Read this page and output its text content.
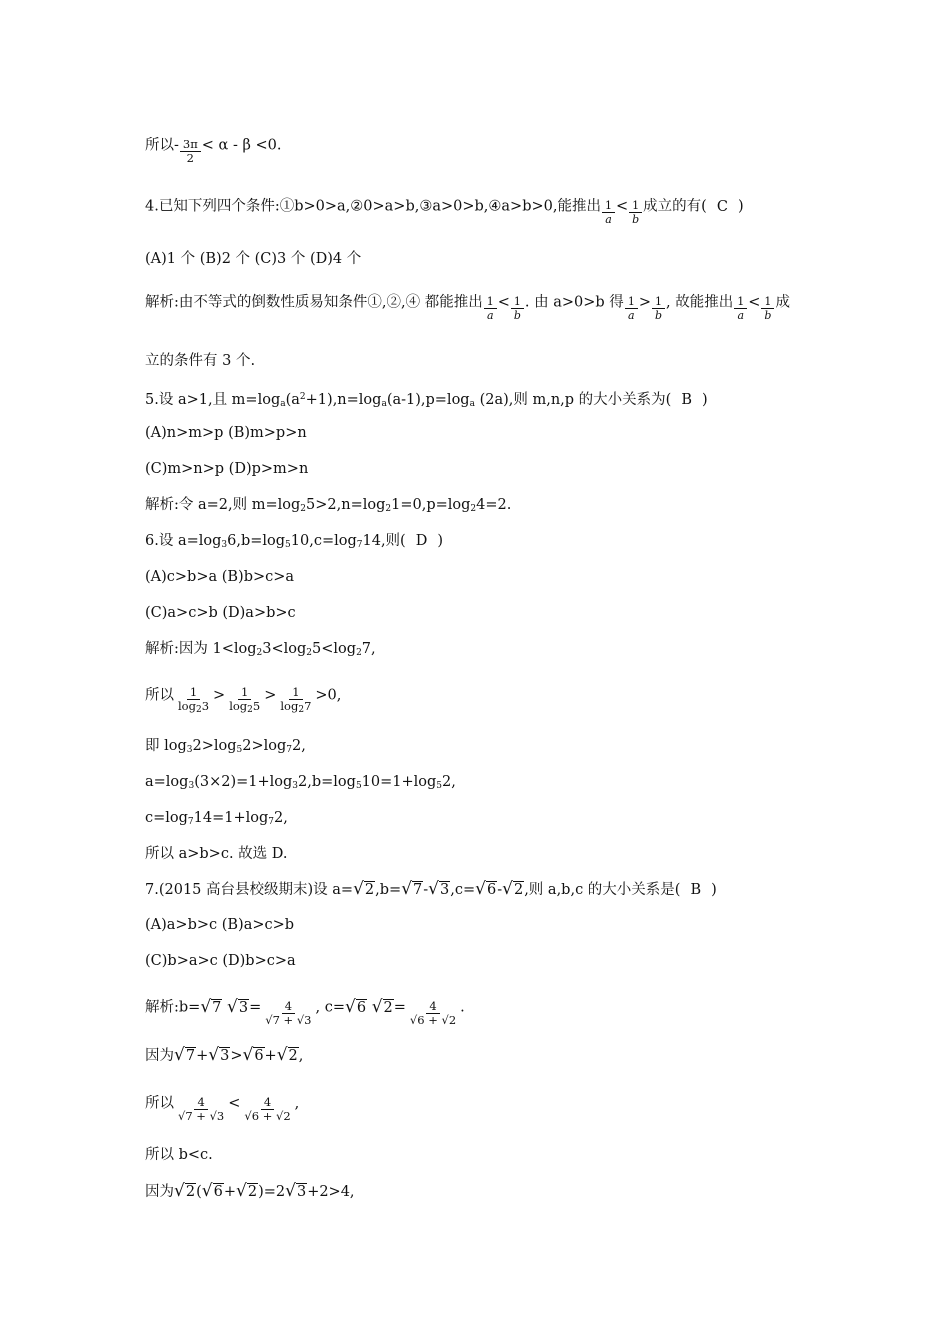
所以- $\frac{3\pi}{2} < \alpha - \beta <0$.
4.已知下列四个条件:①b>0>a,②0>a>b,③a>0>b,④a>b>0,能推出 $\frac{1}{a} < \frac{1}{b}$ 成立的有( C )
(A)1 个 (B)2 个 (C)3 个 (D)4 个
解析:由不等式的倒数性质易知条件①,②,④ 都能推出 $\frac{1}{a} < \frac{1}{b}$ . 由 a>0>b 得 $\frac{1}{a} > \frac{1}{b}$ , 故能推出 $\frac{1}{a} < \frac{1}{b}$ 成
立的条件有 3 个.
5.设 a>1,且 $m=\log_a(a^2+1),n=\log_a(a-1),p=\log_a$ (2a),则 m,n,p 的大小关系为( B )
(A)n>m>p (B)m>p>n
(C)m>n>p (D)p>m>n
解析:令 a=2,则 $m=\log_25>2,n=\log_21=0,p=\log_24=2$.
6.设 $a=\log_36,b=\log_510,c=\log_714$,则( D )
(A)c>b>a (B)b>c>a
(C)a>c>b (D)a>b>c
解析:因为 $1<\log_23<\log_25<\log_27$,
所以 $\frac{1}{\log_23} > \frac{1}{\log_25} > \frac{1}{\log_27} >0$,
即 $\log_32>\log_52>\log_72$,
$a=\log_3(3\times 2)=1+\log_32,b=\log_510=1+\log_52$,
$c=\log_714=1+\log_72$,
所以 a>b>c. 故选 D.
7.(2015 高台县校级期末)设 a=√2,b=√7-√3,c=√6-√2,则 a,b,c 的大小关系是( B )
(A)a>b>c (B)a>c>b
(C)b>a>c (D)b>c>a
解析:b=√7 $√3= \frac{4}{√7 + √3}$ , c=√6 $√2= \frac{4}{√6 + √2}$ .
因为√7+√3>√6+√2,
所以 $\frac{4}{√7 + √3} < \frac{4}{√6 + √2}$ ,
所以 b<c.
因为√2(√6+√2)=2√3+2>4,
